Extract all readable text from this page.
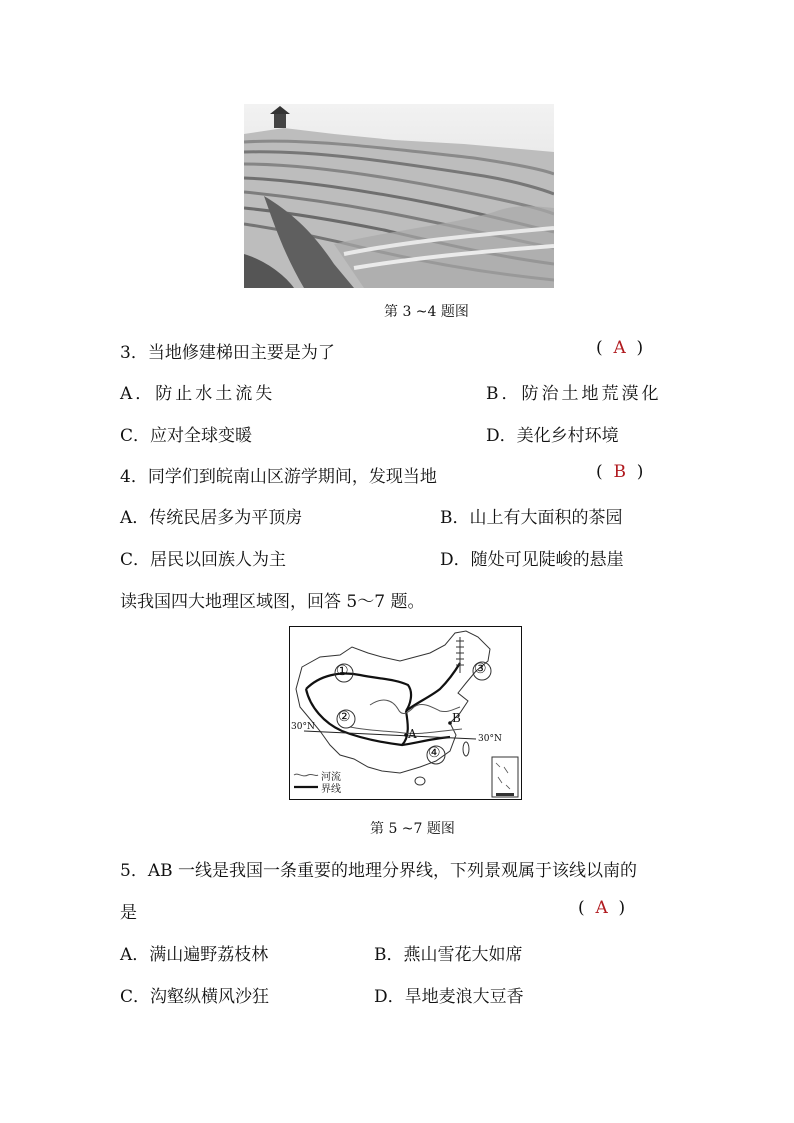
第 3 ~4 题图
3．当地修建梯田主要是为了	(  A  )
A．防止水土流失	B．防治土地荒漠化
C．应对全球变暖	D．美化乡村环境
4．同学们到皖南山区游学期间，发现当地	(  B  )
A．传统民居多为平顶房	B．山上有大面积的茶园
C．居民以回族人为主	D．随处可见陡峻的悬崖
读我国四大地理区域图，回答 5～7 题。
①
②
③
④
A
B
30°N
30°N
河流
界线
第 5 ~7 题图
5．AB 一线是我国一条重要的地理分界线，下列景观属于该线以南的
是	(  A  )
A．满山遍野荔枝林	B．燕山雪花大如席
C．沟壑纵横风沙狂	D．旱地麦浪大豆香
